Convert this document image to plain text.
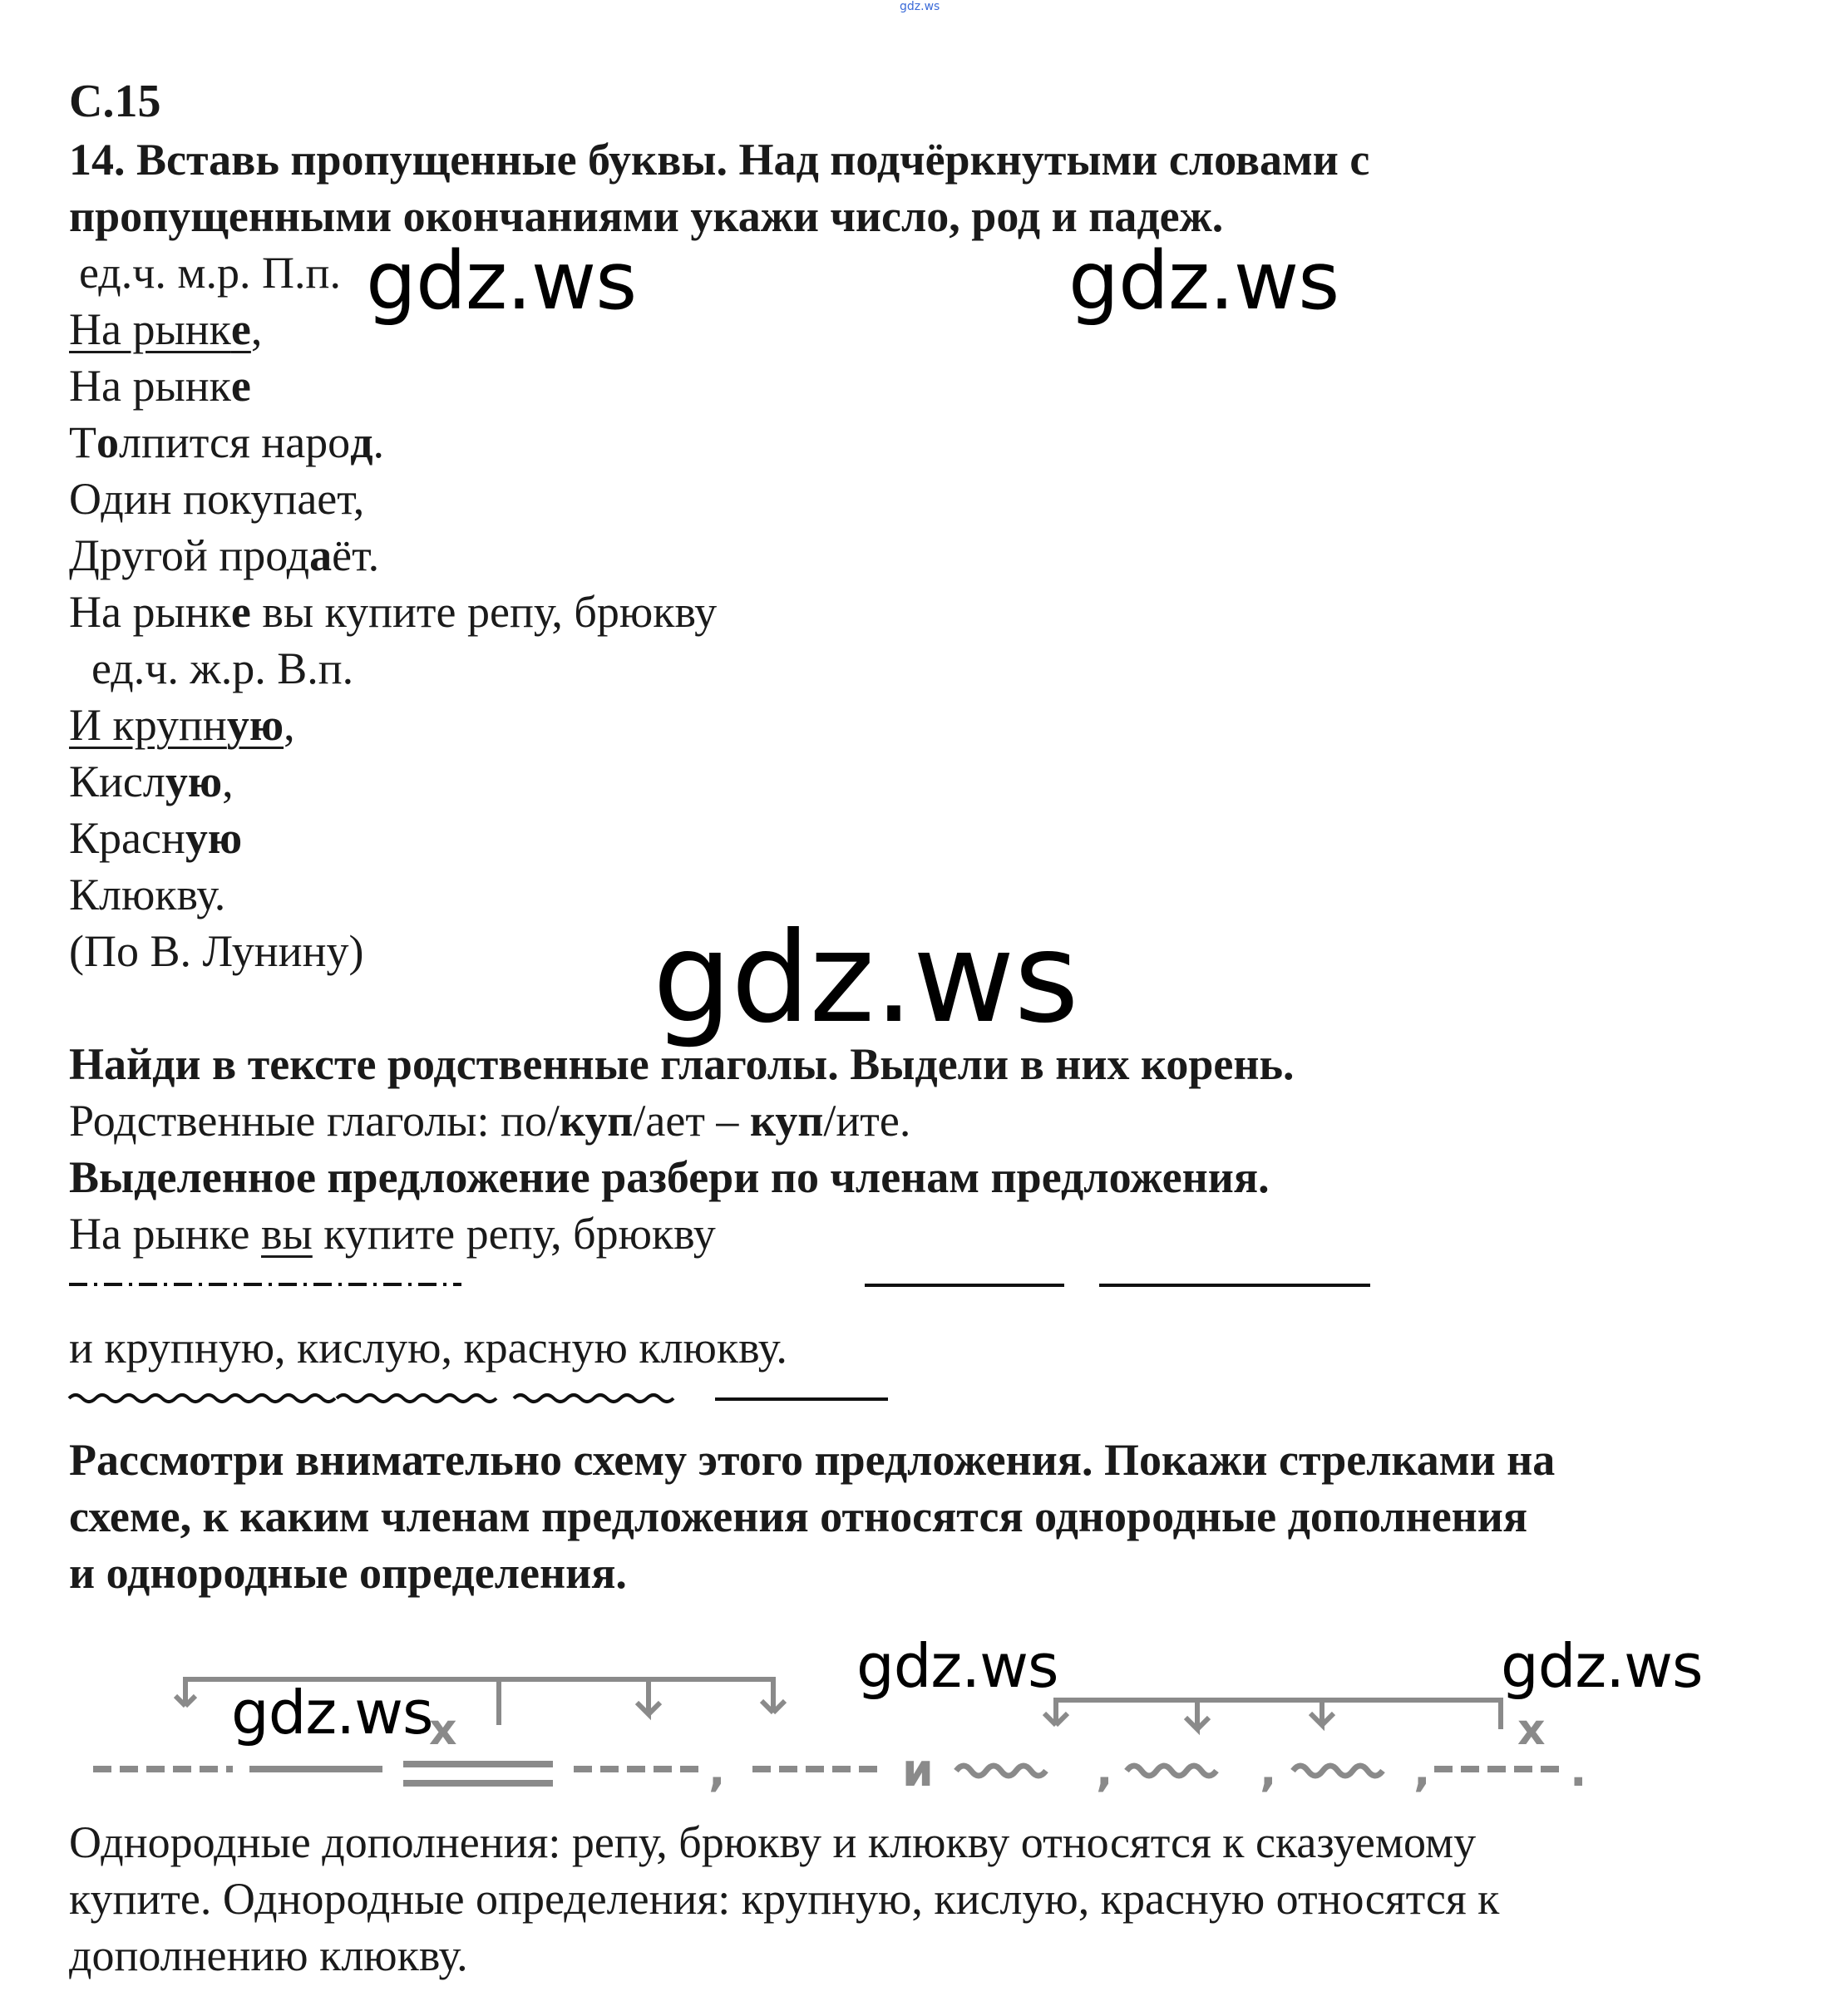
gdz.ws
С.15
14. Вставь пропущенные буквы. Над подчёркнутыми словами с
пропущенными окончаниями укажи число, род и падеж.
ед.ч. м.р. П.п.
На рынке,
На рынке
Толпится народ.
Один покупает,
Другой продаёт.
На рынке вы купите репу, брюкву
ед.ч. ж.р. В.п.
И крупную,
Кислую,
Красную
Клюкву.
(По В. Лунину)
Найди в тексте родственные глаголы. Выдели в них корень.
Родственные глаголы: по/куп/ает – куп/ите.
Выделенное предложение разбери по членам предложения.
На рынке вы купите репу, брюкву
и крупную, кислую, красную клюкву.
Рассмотри внимательно схему этого предложения. Покажи стрелками на
схеме, к каким членам предложения относятся однородные дополнения
и однородные определения.
x	x
,	и	,	,	,	.
Однородные дополнения: репу, брюкву и клюкву относятся к сказуемому
купите. Однородные определения: крупную, кислую, красную относятся к
дополнению клюкву.
gdz.ws	gdz.ws
gdz.ws
gdz.ws
gdz.ws	gdz.ws
